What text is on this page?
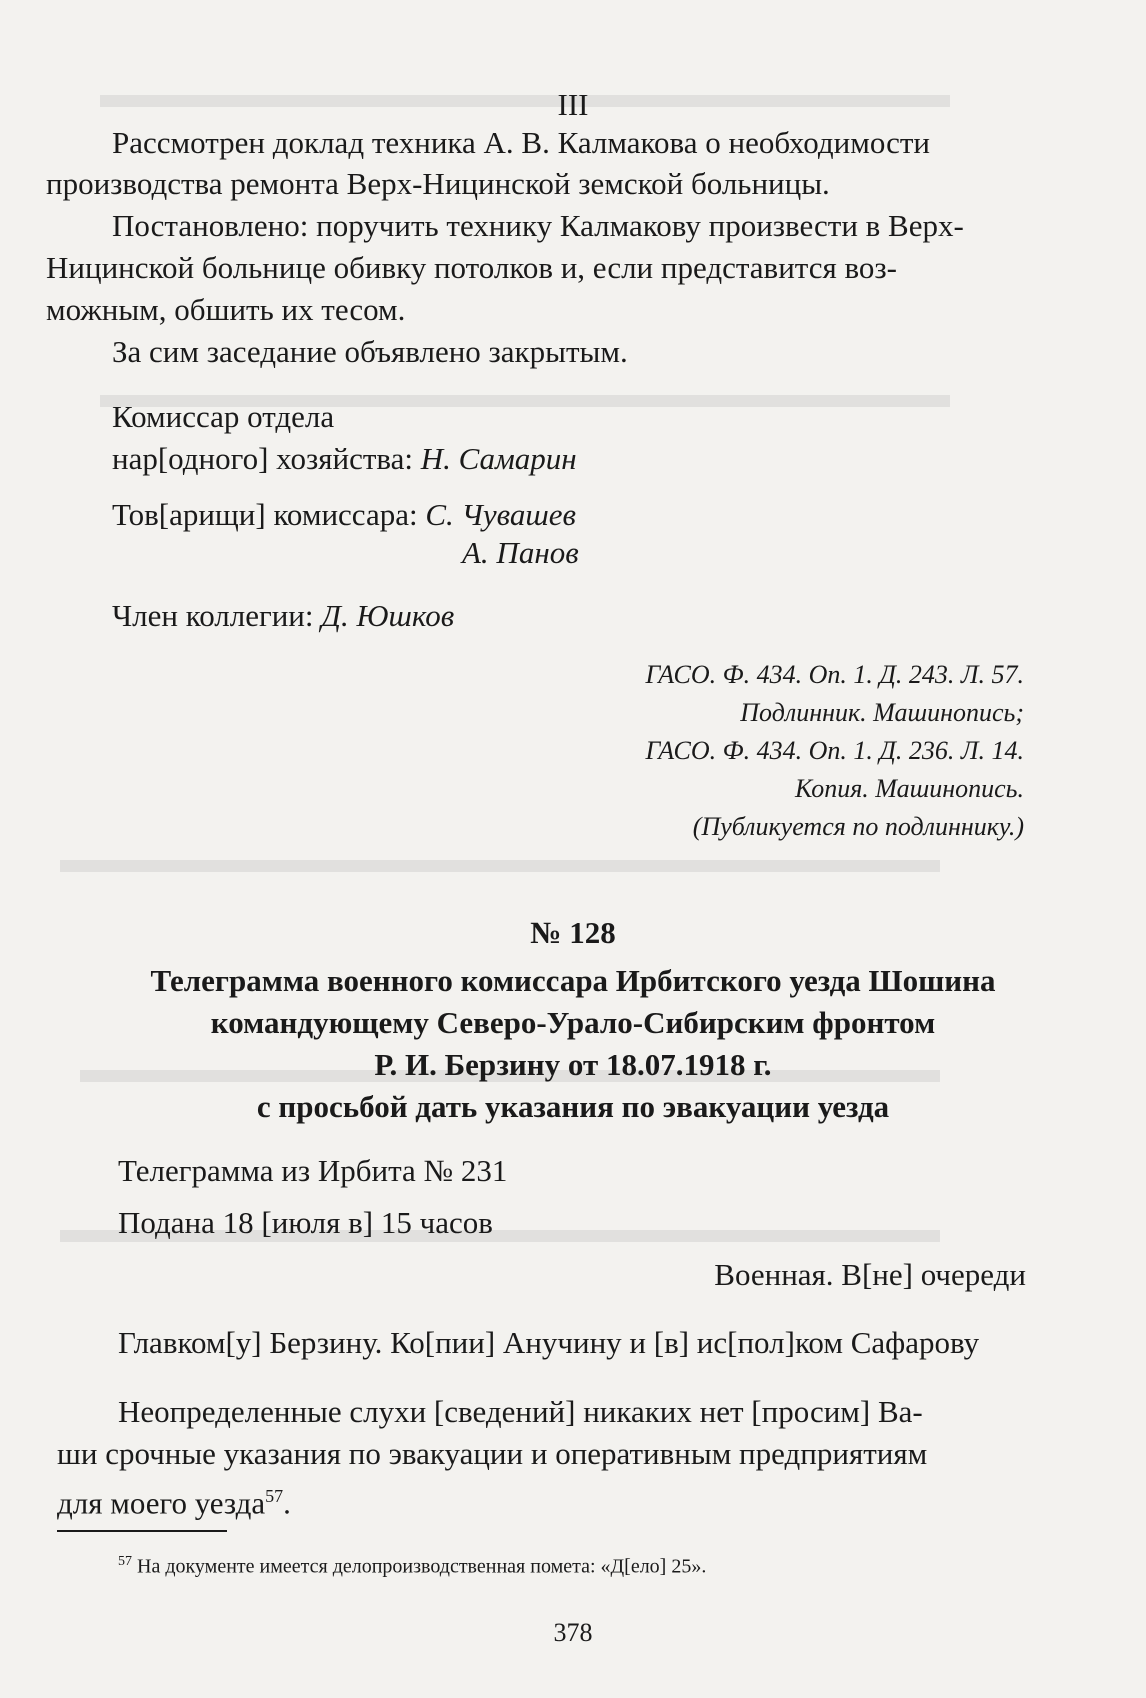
III
Рассмотрен доклад техника А. В. Калмакова о необходимости
производства ремонта Верх-Ницинской земской больницы.
Постановлено: поручить технику Калмакову произвести в Верх-
Ницинской больнице обивку потолков и, если представится воз-
можным, обшить их тесом.
За сим заседание объявлено закрытым.
Комиссар отдела
нар[одного] хозяйства: Н. Самарин
Тов[арищи] комиссара: С. Чувашев
А. Панов
Член коллегии: Д. Юшков
ГАСО. Ф. 434. Оп. 1. Д. 243. Л. 57.
Подлинник. Машинопись;
ГАСО. Ф. 434. Оп. 1. Д. 236. Л. 14.
Копия. Машинопись.
(Публикуется по подлиннику.)
№ 128
Телеграмма военного комиссара Ирбитского уезда Шошина
командующему Северо-Урало-Сибирским фронтом
Р. И. Берзину от 18.07.1918 г.
с просьбой дать указания по эвакуации уезда
Телеграмма из Ирбита № 231
Подана 18 [июля в] 15 часов
Военная. В[не] очереди
Главком[у] Берзину. Ко[пии] Анучину и [в] ис[пол]ком Сафарову
Неопределенные слухи [сведений] никаких нет [просим] Ва-
ши срочные указания по эвакуации и оперативным предприятиям
для моего уезда$^{57}$.
$^{57}$ На документе имеется делопроизводственная помета: «Д[ело] 25».
378
